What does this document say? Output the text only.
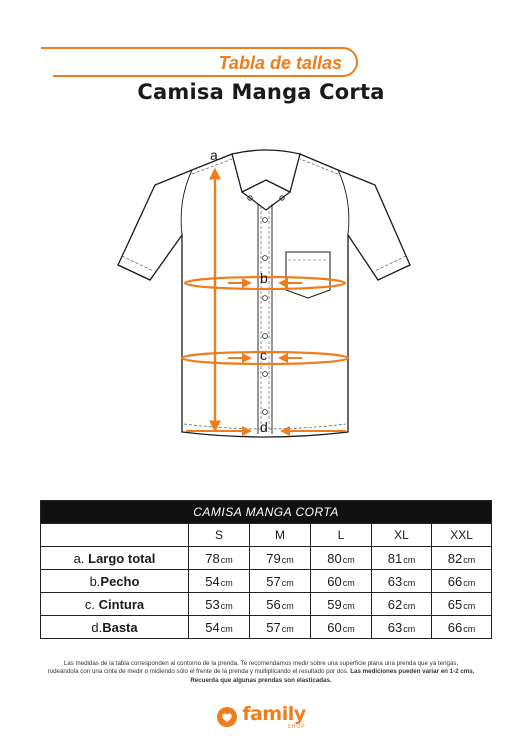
Tabla de tallas
Camisa Manga Corta
a
b
c
d
CAMISA MANGA CORTA					
	S	M	L	XL	XXL
a. Largo total	78cm	79cm	80cm	81cm	82cm
b.Pecho	54cm	57cm	60cm	63cm	66cm
c. Cintura	53cm	56cm	59cm	62cm	65cm
d.Basta	54cm	57cm	60cm	63cm	66cm
Las medidas de la tabla corresponden al contorno de la prenda. Te recomendamos medir sobre una superficie plana una prenda que ya tengas,
rodeándola con una cinta de medir o midiendo sólo el frente de la prenda y multiplicando el resultado por dos. Las mediciones pueden variar en 1-2 cms.
Recuerda que algunas prendas son elasticadas.
family
SHOP
